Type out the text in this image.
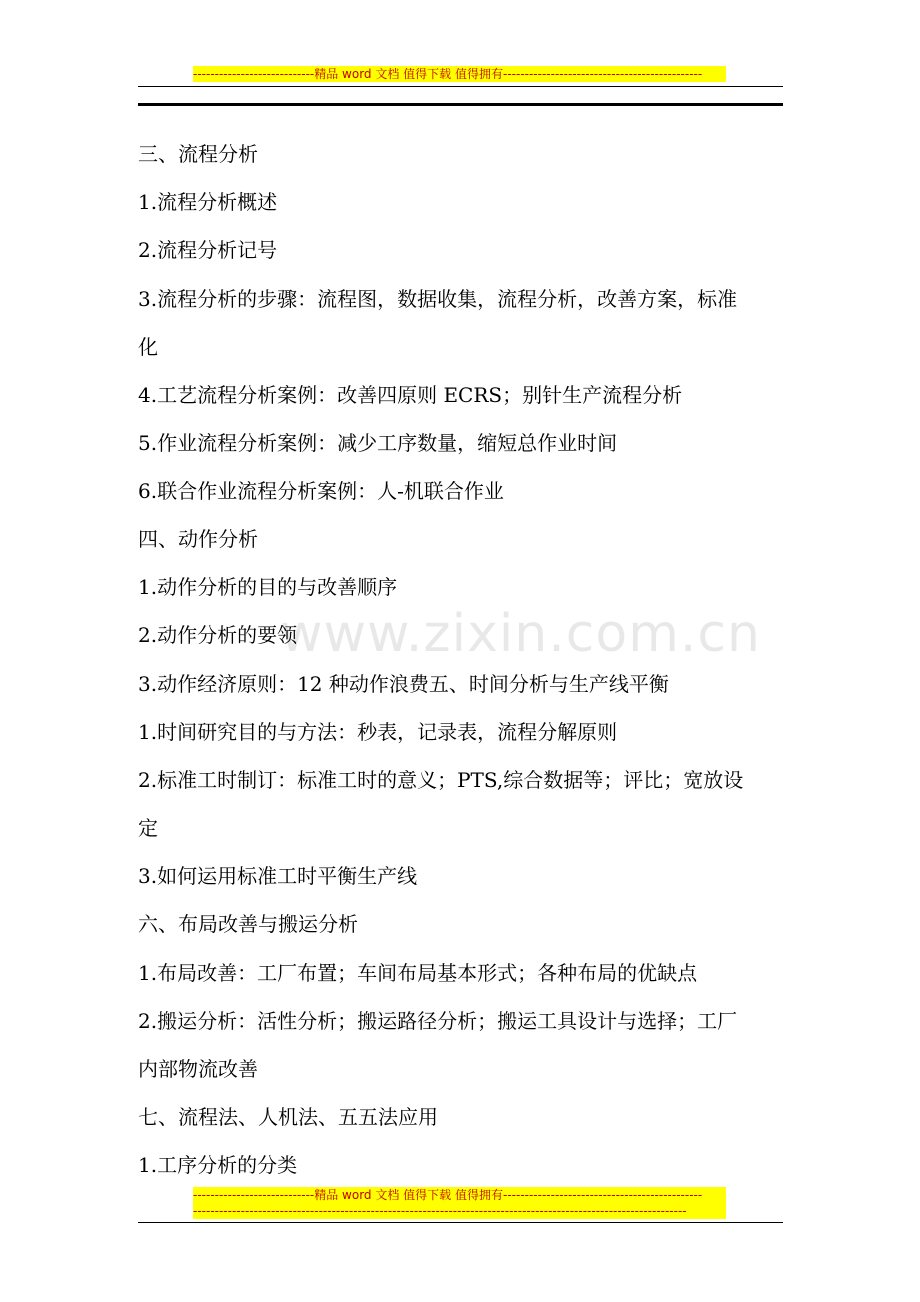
----------------------------精品 word 文档 值得下载 值得拥有----------------------------------------------
www.zixin.com.cn
三、流程分析
1.流程分析概述
2.流程分析记号
3.流程分析的步骤：流程图，数据收集，流程分析，改善方案，标准
化
4.工艺流程分析案例：改善四原则 ECRS；别针生产流程分析
5.作业流程分析案例：减少工序数量，缩短总作业时间
6.联合作业流程分析案例：人-机联合作业
四、动作分析
1.动作分析的目的与改善顺序
2.动作分析的要领
3.动作经济原则：12 种动作浪费五、时间分析与生产线平衡
1.时间研究目的与方法：秒表，记录表，流程分解原则
2.标准工时制订：标准工时的意义；PTS,综合数据等；评比；宽放设
定
3.如何运用标准工时平衡生产线
六、布局改善与搬运分析
1.布局改善：工厂布置；车间布局基本形式；各种布局的优缺点
2.搬运分析：活性分析；搬运路径分析；搬运工具设计与选择；工厂
内部物流改善
七、流程法、人机法、五五法应用
1.工序分析的分类
----------------------------精品 word 文档 值得下载 值得拥有----------------------------------------------
------------------------------------------------------------------------------------------------------------------
